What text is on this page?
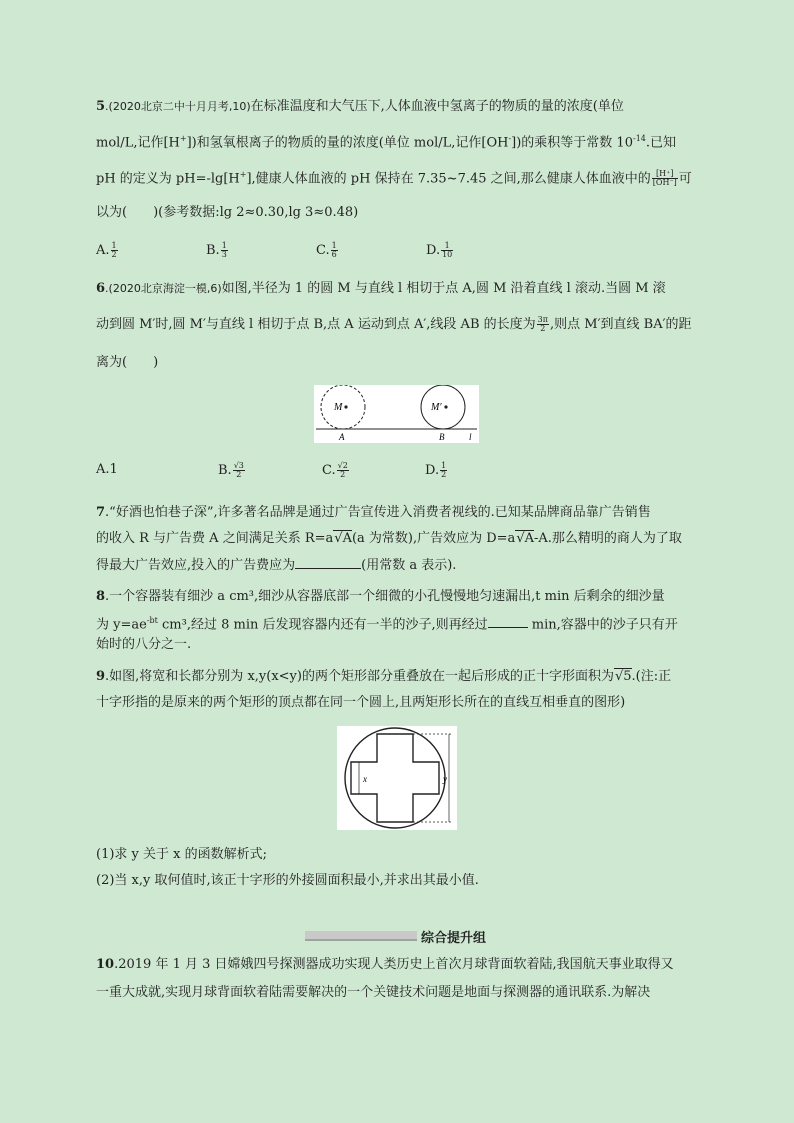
5.(2020北京二中十月月考,10)在标准温度和大气压下,人体血液中氢离子的物质的量的浓度(单位
mol/L,记作[H+])和氢氧根离子的物质的量的浓度(单位 mol/L,记作[OH-])的乘积等于常数 $10^{-14}$.已知
pH 的定义为 pH=-lg[H+],健康人体血液的 pH 保持在 7.35~7.45 之间,那么健康人体血液中的 $\frac{[H^+]}{[OH^-]}$ 可
以为(　　)(参考数据:lg 2≈0.30,lg 3≈0.48)
A. $\frac{1}{2}$	B. $\frac{1}{3}$	C. $\frac{1}{6}$	D. $\frac{1}{10}$
6.(2020北京海淀一模,6)如图,半径为 1 的圆 M 与直线 l 相切于点 A,圆 M 沿着直线 l 滚动.当圆 M 滚
动到圆 M′时,圆 M′与直线 l 相切于点 B,点 A 运动到点 A′,线段 AB 的长度为 $\frac{3\pi}{2}$ ,则点 M′到直线 BA′的距
离为(　　)
A.1	B. $\frac{√3}{2}$	C. $\frac{√2}{2}$	D. $\frac{1}{2}$
7.“好酒也怕巷子深”,许多著名品牌是通过广告宣传进入消费者视线的.已知某品牌商品靠广告销售
的收入 R 与广告费 A 之间满足关系 R=a√A(a 为常数),广告效应为 D=a√A-A.那么精明的商人为了取
得最大广告效应,投入的广告费应为	(用常数 a 表示).
8.一个容器装有细沙 a cm³,细沙从容器底部一个细微的小孔慢慢地匀速漏出,t min 后剩余的细沙量
为 $y=ae^{-bt}$ cm³,经过 8 min 后发现容器内还有一半的沙子,则再经过	min,容器中的沙子只有开
始时的八分之一.
9.如图,将宽和长都分别为 x,y(x<y)的两个矩形部分重叠放在一起后形成的正十字形面积为√5.(注:正
十字形指的是原来的两个矩形的顶点都在同一个圆上,且两矩形长所在的直线互相垂直的图形)
(1)求 y 关于 x 的函数解析式;
(2)当 x,y 取何值时,该正十字形的外接圆面积最小,并求出其最小值.
10.2019 年 1 月 3 日嫦娥四号探测器成功实现人类历史上首次月球背面软着陆,我国航天事业取得又
一重大成就,实现月球背面软着陆需要解决的一个关键技术问题是地面与探测器的通讯联系.为解决
M	M′
A	B	l
x	y
综合提升组
